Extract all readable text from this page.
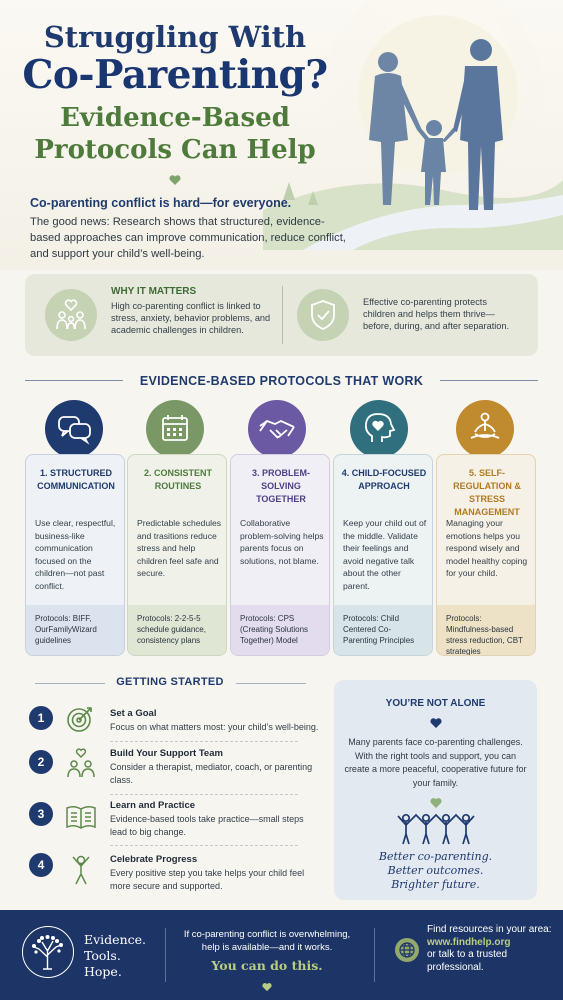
Struggling With
Co-Parenting?
Evidence-Based
Protocols Can Help
Co-parenting conflict is hard—for everyone.
The good news: Research shows that structured, evidence-based approaches can improve communication, reduce conflict, and support your child’s well-being.
WHY IT MATTERS
High co-parenting conflict is linked to stress, anxiety, behavior problems, and academic challenges in children.
Effective co-parenting protects children and helps them thrive—before, during, and after separation.
EVIDENCE-BASED PROTOCOLS THAT WORK
1. STRUCTURED COMMUNICATION
Use clear, respectful, business-like communication focused on the children—not past conflict.
Protocols: BIFF, OurFamilyWizard guidelines
2. CONSISTENT ROUTINES
Predictable schedules and trasitions reduce stress and help children feel safe and secure.
Protocols: 2-2-5-5 schedule guidance, consistency plans
3. PROBLEM-SOLVING TOGETHER
Collaborative problem-solving helps parents focus on solutions, not blame.
Protocols: CPS (Creating Solutions Together) Model
4. CHILD-FOCUSED APPROACH
Keep your child out of the middle. Validate their feelings and avoid negative talk about the other parent.
Protocols: Child Centered Co-Parenting Principles
5. SELF-REGULATION & STRESS MANAGEMENT
Managing your emotions helps you respond wisely and model healthy coping for your child.
Protocols: Mindfulness-based stress reduction, CBT strategies
GETTING STARTED
1	Set a Goal
Focus on what matters most: your child’s well-being.
2
Build Your Support Team
Consider a therapist, mediator, coach, or parenting class.
3
Learn and Practice
Evidence-based tools take practice—small steps lead to big change.
4	Celebrate Progress
Every positive step you take helps your child feel more secure and supported.
YOU’RE NOT ALONE
Many parents face co-parenting challenges. With the right tools and support, you can create a more peaceful, cooperative future for your family.
Better co-parenting.
Better outcomes.
Brighter future.
Evidence.
Tools.
Hope.
If co-parenting conflict is overwhelming, help is available—and it works.
You can do this.
Find resources in your area:
www.findhelp.org
or talk to a trusted professional.
